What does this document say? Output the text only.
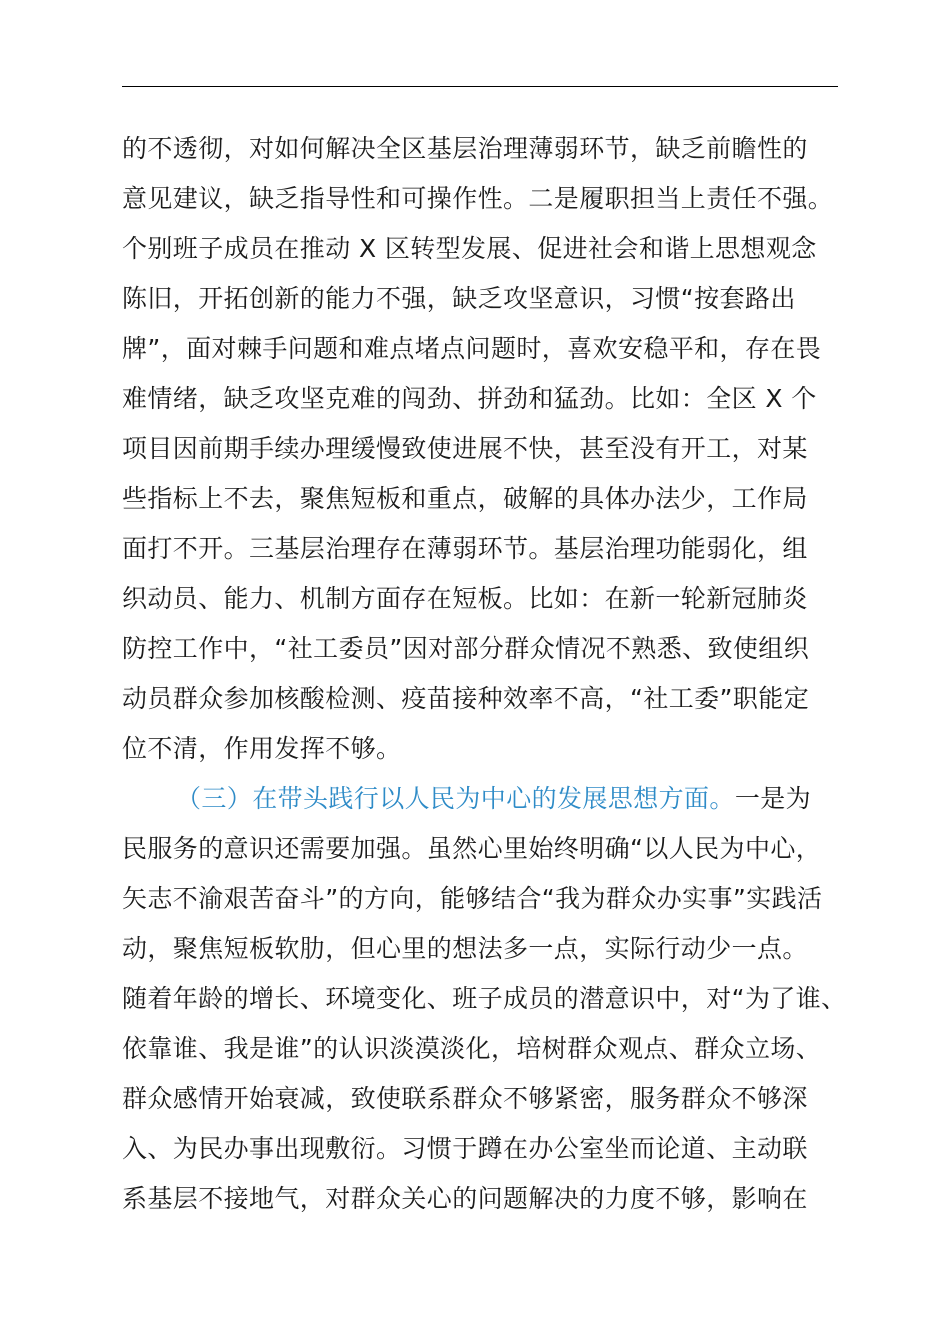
的不透彻，对如何解决全区基层治理薄弱环节，缺乏前瞻性的
意见建议，缺乏指导性和可操作性。二是履职担当上责任不强。
个别班子成员在推动 X 区转型发展、促进社会和谐上思想观念
陈旧，开拓创新的能力不强，缺乏攻坚意识，习惯“按套路出
牌”，面对棘手问题和难点堵点问题时，喜欢安稳平和，存在畏
难情绪，缺乏攻坚克难的闯劲、拼劲和猛劲。比如：全区 X 个
项目因前期手续办理缓慢致使进展不快，甚至没有开工，对某
些指标上不去，聚焦短板和重点，破解的具体办法少，工作局
面打不开。三基层治理存在薄弱环节。基层治理功能弱化，组
织动员、能力、机制方面存在短板。比如：在新一轮新冠肺炎
防控工作中，“社工委员”因对部分群众情况不熟悉、致使组织
动员群众参加核酸检测、疫苗接种效率不高，“社工委”职能定
位不清，作用发挥不够。
（三）在带头践行以人民为中心的发展思想方面。一是为
民服务的意识还需要加强。虽然心里始终明确“以人民为中心，
矢志不渝艰苦奋斗”的方向，能够结合“我为群众办实事”实践活
动，聚焦短板软肋，但心里的想法多一点，实际行动少一点。
随着年龄的增长、环境变化、班子成员的潜意识中，对“为了谁、
依靠谁、我是谁”的认识淡漠淡化，培树群众观点、群众立场、
群众感情开始衰减，致使联系群众不够紧密，服务群众不够深
入、为民办事出现敷衍。习惯于蹲在办公室坐而论道、主动联
系基层不接地气，对群众关心的问题解决的力度不够，影响在
